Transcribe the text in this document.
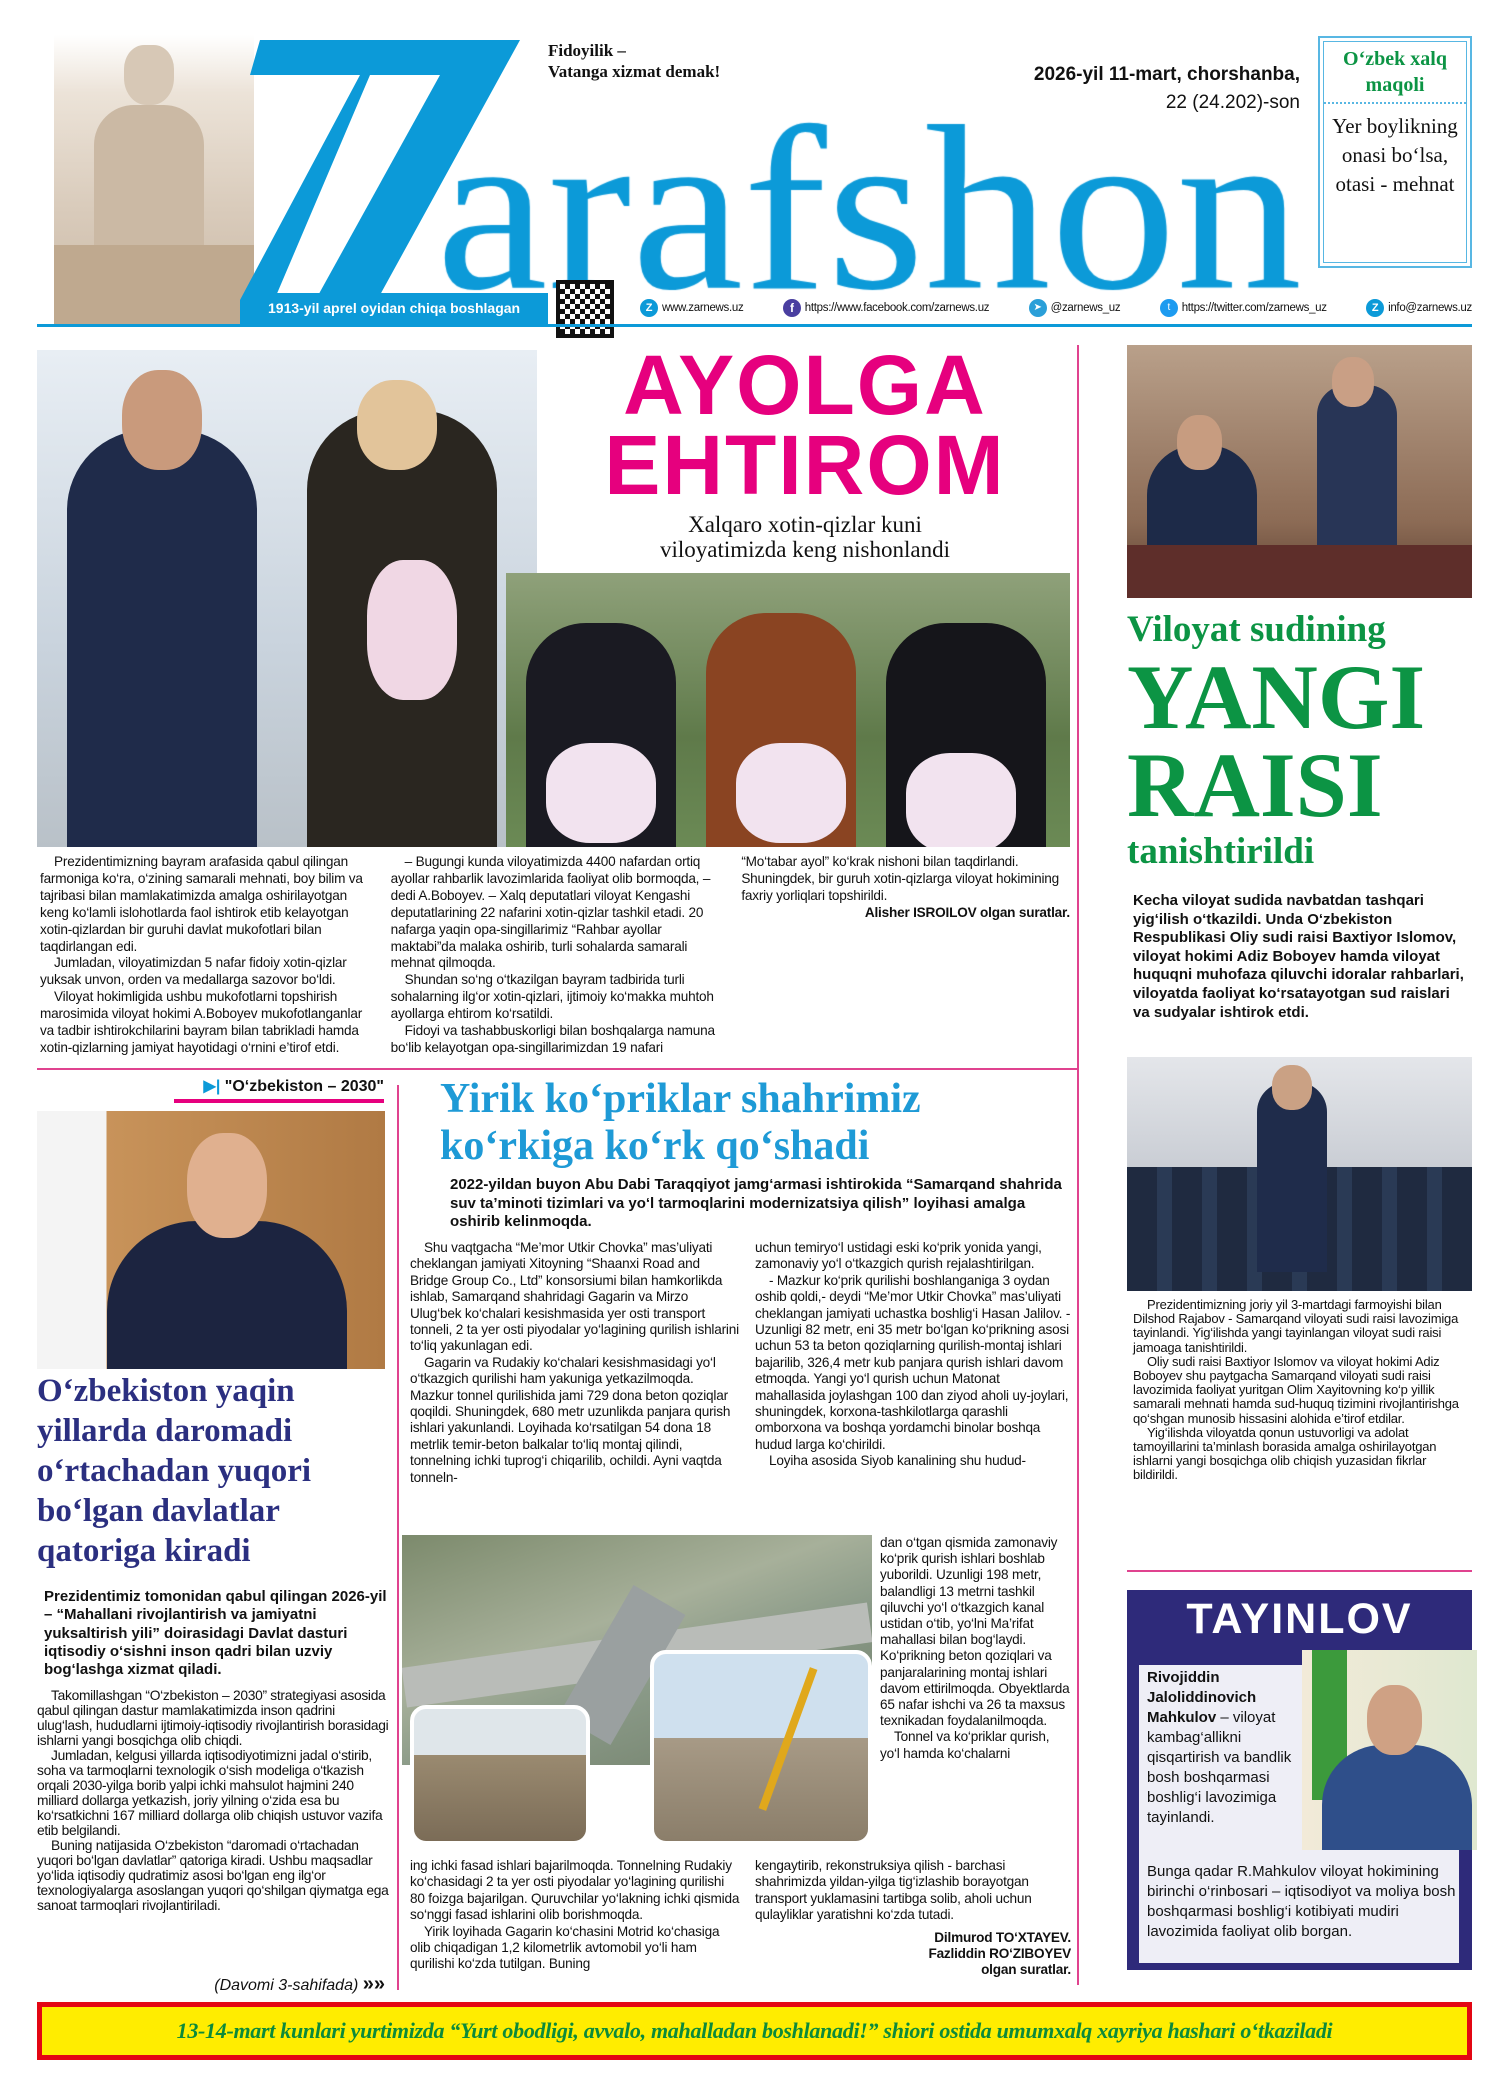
Fidoyilik –
Vatanga xizmat demak!	2026-yil 11-mart, chorshanba,
22 (24.202)-son
O‘zbek xalq maqoli
Yer boylikning onasi bo‘lsa, otasi - mehnat
1913-yil aprel oyidan chiqa boshlagan	Z www.zarnews.uz	f https://www.facebook.com/zarnews.uz	➤ @zarnews_uz	t	https://twitter.com/zarnews_uz	Z info@zarnews.uz
AYOLGA
EHTIROM
Xalqaro xotin-qizlar kuni
viloyatimizda keng nishonlandi

Prezidentimizning bayram arafasida qabul qilingan farmoniga ko‘ra, o‘zining samarali mehnati, boy bilim va tajribasi bilan mamlakatimizda amalga oshirilayotgan keng ko‘lamli islohotlarda faol ishtirok etib kelayotgan xotin-qizlardan bir guruhi davlat mukofotlari bilan taqdirlangan edi.

Jumladan, viloyatimizdan 5 nafar fidoiy xotin-qizlar yuksak unvon, orden va medallarga sazovor bo‘ldi.

Viloyat hokimligida ushbu mukofotlarni topshirish marosimida viloyat hokimi A.Boboyev mukofotlanganlar va tadbir ishtirokchilarini bayram bilan tabrikladi hamda xotin-qizlarning jamiyat hayotidagi o‘rnini e’tirof etdi.

– Bugungi kunda viloyatimizda 4400 nafardan ortiq ayollar rahbarlik lavozimlarida faoliyat olib bormoqda, – dedi A.Boboyev. – Xalq deputatlari viloyat Kengashi deputatlarining 22 nafarini xotin-qizlar tashkil etadi. 20 nafarga yaqin opa-singillarimiz “Rahbar ayollar maktabi”da malaka oshirib, turli sohalarda samarali mehnat qilmoqda.

Shundan so‘ng o‘tkazilgan bayram tadbirida turli sohalarning ilg‘or xotin-qizlari, ijtimoiy ko‘makka muhtoh ayollarga ehtirom ko‘rsatildi.

Fidoyi va tashabbuskorligi bilan boshqalarga namuna bo‘lib kelayotgan opa-singillarimizdan 19 nafari “Mo‘tabar ayol” ko‘krak nishoni bilan taqdirlandi. Shuningdek, bir guruh xotin-qizlarga viloyat hokimining faxriy yorliqlari topshirildi.

Alisher ISROILOV olgan suratlar.
Viloyat sudining
YANGI
RAISI
tanishtirildi
Kecha viloyat sudida navbatdan tashqari yig‘ilish o‘tkazildi. Unda O‘zbekiston Respublikasi Oliy sudi raisi Baxtiyor Islomov, viloyat hokimi Adiz Boboyev hamda viloyat huquqni muhofaza qiluvchi idoralar rahbarlari, viloyatda faoliyat ko‘rsatayotgan sud raislari va sudyalar ishtirok etdi.

Prezidentimizning joriy yil 3-martdagi farmoyishi bilan Dilshod Rajabov - Samarqand viloyati sudi raisi lavozimiga tayinlandi. Yig‘ilishda yangi tayinlangan viloyat sudi raisi jamoaga tanishtirildi.

Oliy sudi raisi Baxtiyor Islomov va viloyat hokimi Adiz Boboyev shu paytgacha Samarqand viloyati sudi raisi lavozimida faoliyat yuritgan Olim Xayitovning ko‘p yillik samarali mehnati hamda sud-huquq tizimini rivojlantirishga qo‘shgan munosib hissasini alohida e’tirof etdilar.

Yig‘ilishda viloyatda qonun ustuvorligi va adolat tamoyillarini ta’minlash borasida amalga oshirilayotgan ishlarni yangi bosqichga olib chiqish yuzasidan fikrlar bildirildi.

TAYINLOV
Rivojiddin Jaloliddinovich Mahkulov – viloyat kambag‘allikni qisqartirish va bandlik bosh boshqarmasi boshlig‘i lavozimiga tayinlandi.
Bunga qadar R.Mahkulov viloyat hokimining birinchi o‘rinbosari – iqtisodiyot va moliya bosh boshqarmasi boshlig‘i kotibiyati mudiri lavozimida faoliyat olib borgan.
▶| "O‘zbekiston – 2030"
O‘zbekiston yaqin yillarda daromadi o‘rtachadan yuqori bo‘lgan davlatlar qatoriga kiradi
Prezidentimiz tomonidan qabul qilingan 2026-yil – “Mahallani rivojlantirish va jamiyatni yuksaltirish yili” doirasidagi Davlat dasturi iqtisodiy o‘sishni inson qadri bilan uzviy bog‘lashga xizmat qiladi.

Takomillashgan “O‘zbekiston – 2030” strategiyasi asosida qabul qilingan dastur mamlakatimizda inson qadrini ulug‘lash, hududlarni ijtimoiy-iqtisodiy rivojlantirish borasidagi ishlarni yangi bosqichga olib chiqdi.

Jumladan, kelgusi yillarda iqtisodiyotimizni jadal o‘stirib, soha va tarmoqlarni texnologik o‘sish modeliga o‘tkazish orqali 2030-yilga borib yalpi ichki mahsulot hajmini 240 milliard dollarga yetkazish, joriy yilning o‘zida esa bu ko‘rsatkichni 167 milliard dollarga olib chiqish ustuvor vazifa etib belgilandi.

Buning natijasida O‘zbekiston “daromadi o‘rtachadan yuqori bo‘lgan davlatlar” qatoriga kiradi. Ushbu maqsadlar yo‘lida iqtisodiy qudratimiz asosi bo‘lgan eng ilg‘or texnologiyalarga asoslangan yuqori qo‘shilgan qiymatga ega sanoat tarmoqlari rivojlantiriladi.

(Davomi 3-sahifada) »»
Yirik ko‘priklar shahrimiz
ko‘rkiga ko‘rk qo‘shadi
2022-yildan buyon Abu Dabi Taraqqiyot jamg‘armasi ishtirokida “Samarqand shahrida suv ta’minoti tizimlari va yo‘l tarmoqlarini modernizatsiya qilish” loyihasi amalga oshirib kelinmoqda.

Shu vaqtgacha “Me’mor Utkir Chovka” mas’uliyati cheklangan jamiyati Xitoyning “Shaanxi Road and Bridge Group Co., Ltd” konsorsiumi bilan hamkorlikda ishlab, Samarqand shahridagi Gagarin va Mirzo Ulug‘bek ko‘chalari kesishmasida yer osti transport tonneli, 2 ta yer osti piyodalar yo‘lagining qurilish ishlarini to‘liq yakunlagan edi.

Gagarin va Rudakiy ko‘chalari kesishmasidagi yo‘l o‘tkazgich qurilishi ham yakuniga yetkazilmoqda. Mazkur tonnel qurilishida jami 729 dona beton qoziqlar qoqildi. Shuningdek, 680 metr uzunlikda panjara qurish ishlari yakunlandi. Loyihada ko‘rsatilgan 54 dona 18 metrlik temir-beton balkalar to‘liq montaj qilindi, tonnelning ichki tuprog‘i chiqarilib, ochildi. Ayni vaqtda tonneln-

uchun temiryo‘l ustidagi eski ko‘prik yonida yangi, zamonaviy yo‘l o‘tkazgich qurish rejalashtirilgan.

- Mazkur ko‘prik qurilishi boshlanganiga 3 oydan oshib qoldi,- deydi “Me’mor Utkir Chovka” mas’uliyati cheklangan jamiyati uchastka boshlig‘i Hasan Jalilov. - Uzunligi 82 metr, eni 35 metr bo‘lgan ko‘prikning asosi uchun 53 ta beton qoziqlarning qurilish-montaj ishlari bajarilib, 326,4 metr kub panjara qurish ishlari davom etmoqda. Yangi yo‘l qurish uchun Matonat mahallasida joylashgan 100 dan ziyod aholi uy-joylari, shuningdek, korxona-tashkilotlarga qarashli omborxona va boshqa yordamchi binolar boshqa hudud larga ko‘chirildi.

Loyiha asosida Siyob kanalining shu hudud-

dan o‘tgan qismida zamonaviy ko‘prik qurish ishlari boshlab yuborildi. Uzunligi 198 metr, balandligi 13 metrni tashkil qiluvchi yo‘l o‘tkazgich kanal ustidan o‘tib, yo‘lni Ma’rifat mahallasi bilan bog‘laydi. Ko‘prikning beton qoziqlari va panjaralarining montaj ishlari davom ettirilmoqda. Obyektlarda 65 nafar ishchi va 26 ta maxsus texnikadan foydalanilmoqda.

Tonnel va ko‘priklar qurish, yo‘l hamda ko‘chalarni

ing ichki fasad ishlari bajarilmoqda. Tonnelning Rudakiy ko‘chasidagi 2 ta yer osti piyodalar yo‘lagining qurilishi 80 foizga bajarilgan. Quruvchilar yo‘lakning ichki qismida so‘nggi fasad ishlarini olib borishmoqda.

Yirik loyihada Gagarin ko‘chasini Motrid ko‘chasiga olib chiqadigan 1,2 kilometrlik avtomobil yo‘li ham qurilishi ko‘zda tutilgan. Buning

kengaytirib, rekonstruksiya qilish - barchasi shahrimizda yildan-yilga tig‘izlashib borayotgan transport yuklamasini tartibga solib, aholi uchun qulayliklar yaratishni ko‘zda tutadi.

Dilmurod TO‘XTAYEV.
Fazliddin RO‘ZIBOYEV
olgan suratlar.
13-14-mart kunlari yurtimizda “Yurt obodligi, avvalo, mahalladan boshlanadi!” shiori ostida umumxalq xayriya hashari o‘tkaziladi
